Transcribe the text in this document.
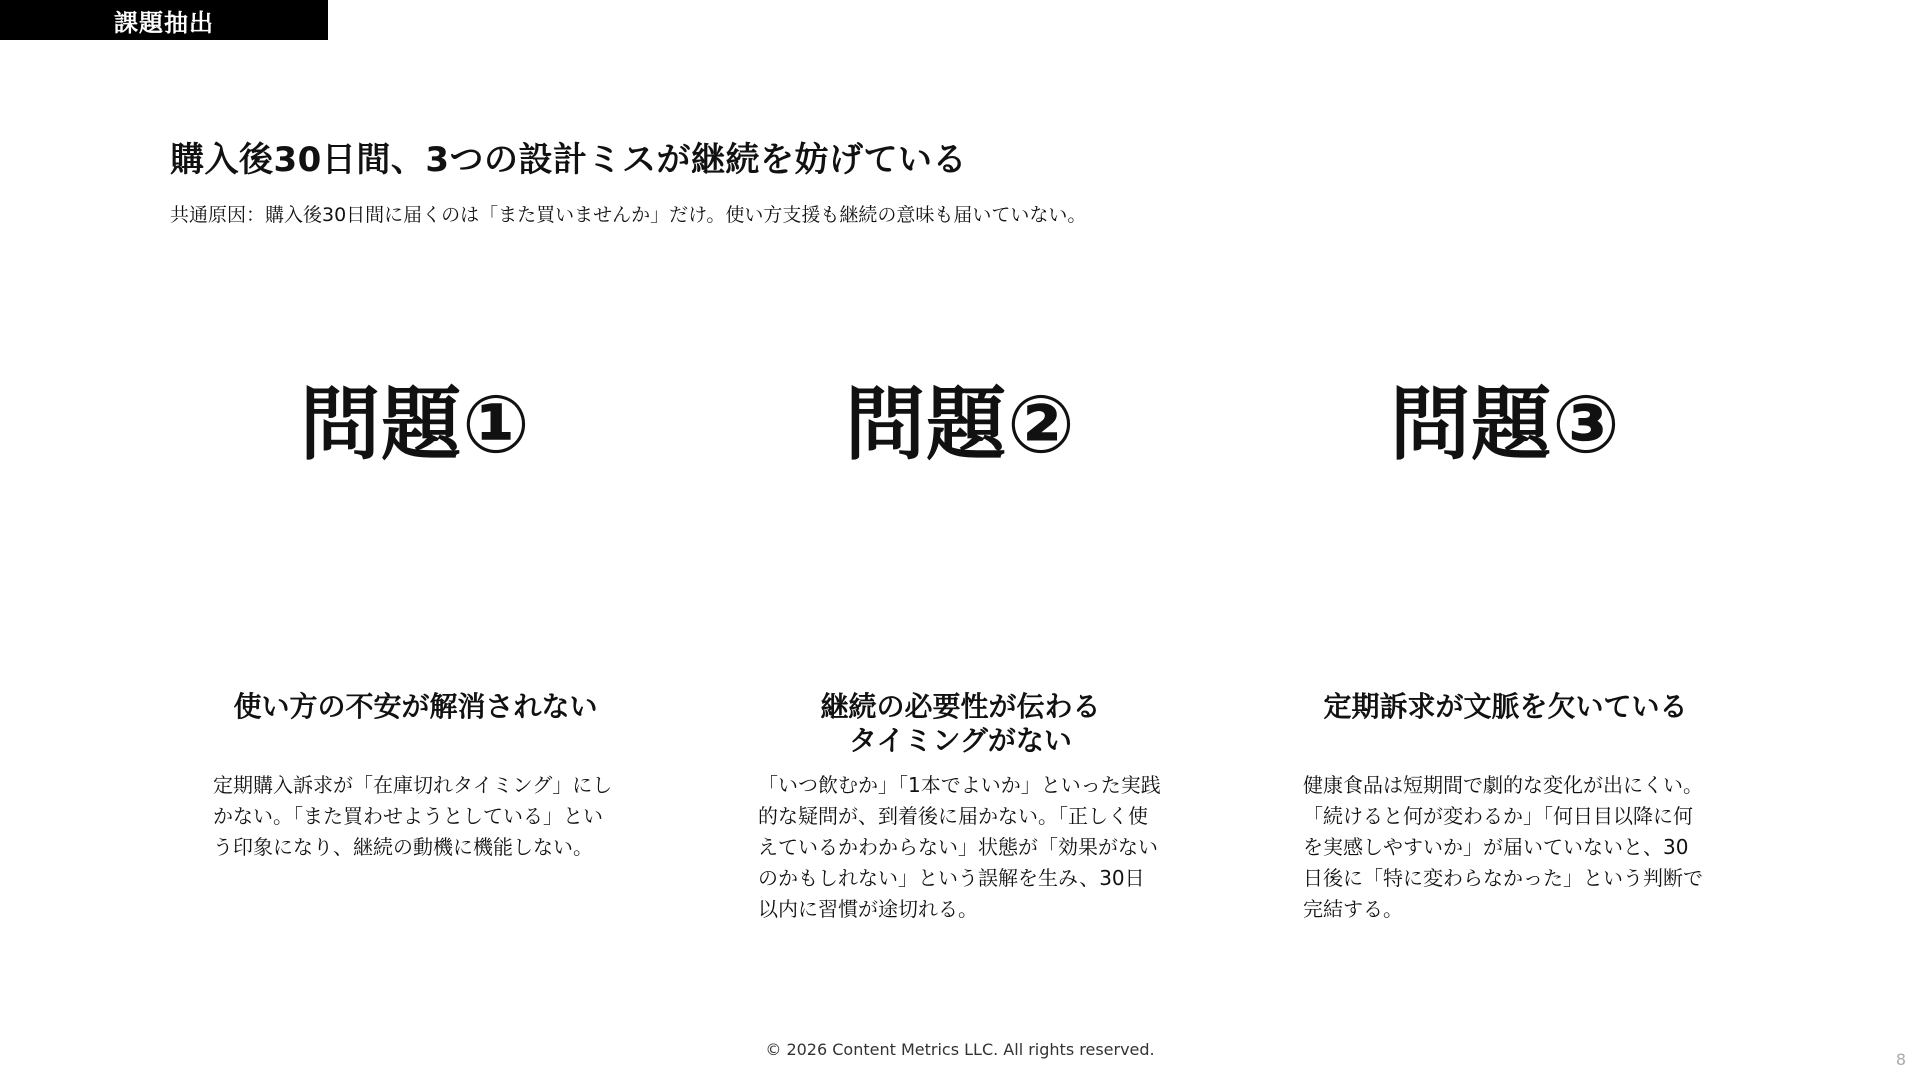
課題抽出
購入後30日間、3つの設計ミスが継続を妨げている
共通原因：購入後30日間に届くのは「また買いませんか」だけ。使い方支援も継続の意味も届いていない。
問題①
使い方の不安が解消されない
定期購入訴求が「在庫切れタイミング」にしかない。「また買わせようとしている」という印象になり、継続の動機に機能しない。
問題②
継続の必要性が伝わる
タイミングがない
「いつ飲むか」「1本でよいか」といった実践的な疑問が、到着後に届かない。「正しく使えているかわからない」状態が「効果がないのかもしれない」という誤解を生み、30日以内に習慣が途切れる。
問題③
定期訴求が文脈を欠いている
健康食品は短期間で劇的な変化が出にくい。「続けると何が変わるか」「何日目以降に何を実感しやすいか」が届いていないと、30日後に「特に変わらなかった」という判断で完結する。
© 2026 Content Metrics LLC. All rights reserved.
8
